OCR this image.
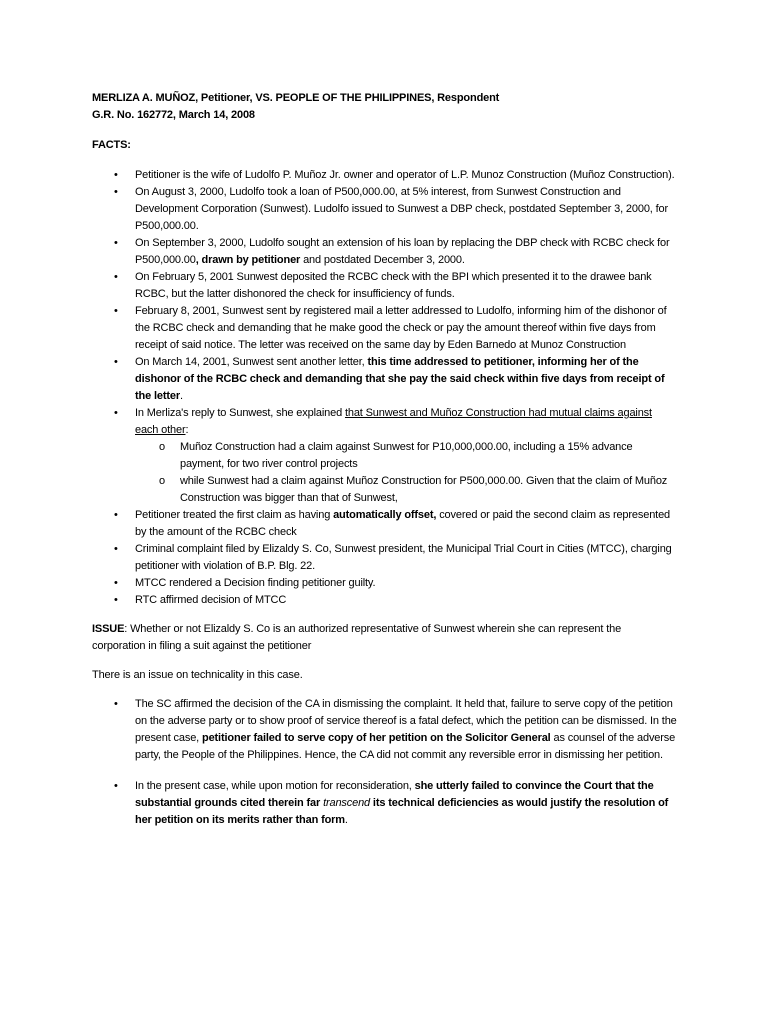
MERLIZA A. MUÑOZ, Petitioner, VS. PEOPLE OF THE PHILIPPINES, Respondent
G.R. No. 162772, March 14, 2008
FACTS:
• Petitioner is the wife of Ludolfo P. Muñoz Jr. owner and operator of L.P. Munoz Construction (Muñoz Construction).
• On August 3, 2000, Ludolfo took a loan of P500,000.00, at 5% interest, from Sunwest Construction and Development Corporation (Sunwest). Ludolfo issued to Sunwest a DBP check, postdated September 3, 2000, for P500,000.00.
• On September 3, 2000, Ludolfo sought an extension of his loan by replacing the DBP check with RCBC check for P500,000.00, drawn by petitioner and postdated December 3, 2000.
• On February 5, 2001 Sunwest deposited the RCBC check with the BPI which presented it to the drawee bank RCBC, but the latter dishonored the check for insufficiency of funds.
• February 8, 2001, Sunwest sent by registered mail a letter addressed to Ludolfo, informing him of the dishonor of the RCBC check and demanding that he make good the check or pay the amount thereof within five days from receipt of said notice. The letter was received on the same day by Eden Barnedo at Munoz Construction
• On March 14, 2001, Sunwest sent another letter, this time addressed to petitioner, informing her of the dishonor of the RCBC check and demanding that she pay the said check within five days from receipt of the letter.
• In Merliza's reply to Sunwest, she explained that Sunwest and Muñoz Construction had mutual claims against each other:
o Muñoz Construction had a claim against Sunwest for P10,000,000.00, including a 15% advance payment, for two river control projects
o while Sunwest had a claim against Muñoz Construction for P500,000.00. Given that the claim of Muñoz Construction was bigger than that of Sunwest,
• Petitioner treated the first claim as having automatically offset, covered or paid the second claim as represented by the amount of the RCBC check
• Criminal complaint filed by Elizaldy S. Co, Sunwest president, the Municipal Trial Court in Cities (MTCC), charging petitioner with violation of B.P. Blg. 22.
• MTCC rendered a Decision finding petitioner guilty.
• RTC affirmed decision of MTCC
ISSUE: Whether or not Elizaldy S. Co is an authorized representative of Sunwest wherein she can represent the corporation in filing a suit against the petitioner
There is an issue on technicality in this case.
• The SC affirmed the decision of the CA in dismissing the complaint. It held that, failure to serve copy of the petition on the adverse party or to show proof of service thereof is a fatal defect, which the petition can be dismissed. In the present case, petitioner failed to serve copy of her petition on the Solicitor General as counsel of the adverse party, the People of the Philippines. Hence, the CA did not commit any reversible error in dismissing her petition.
• In the present case, while upon motion for reconsideration, she utterly failed to convince the Court that the substantial grounds cited therein far transcend its technical deficiencies as would justify the resolution of her petition on its merits rather than form.
